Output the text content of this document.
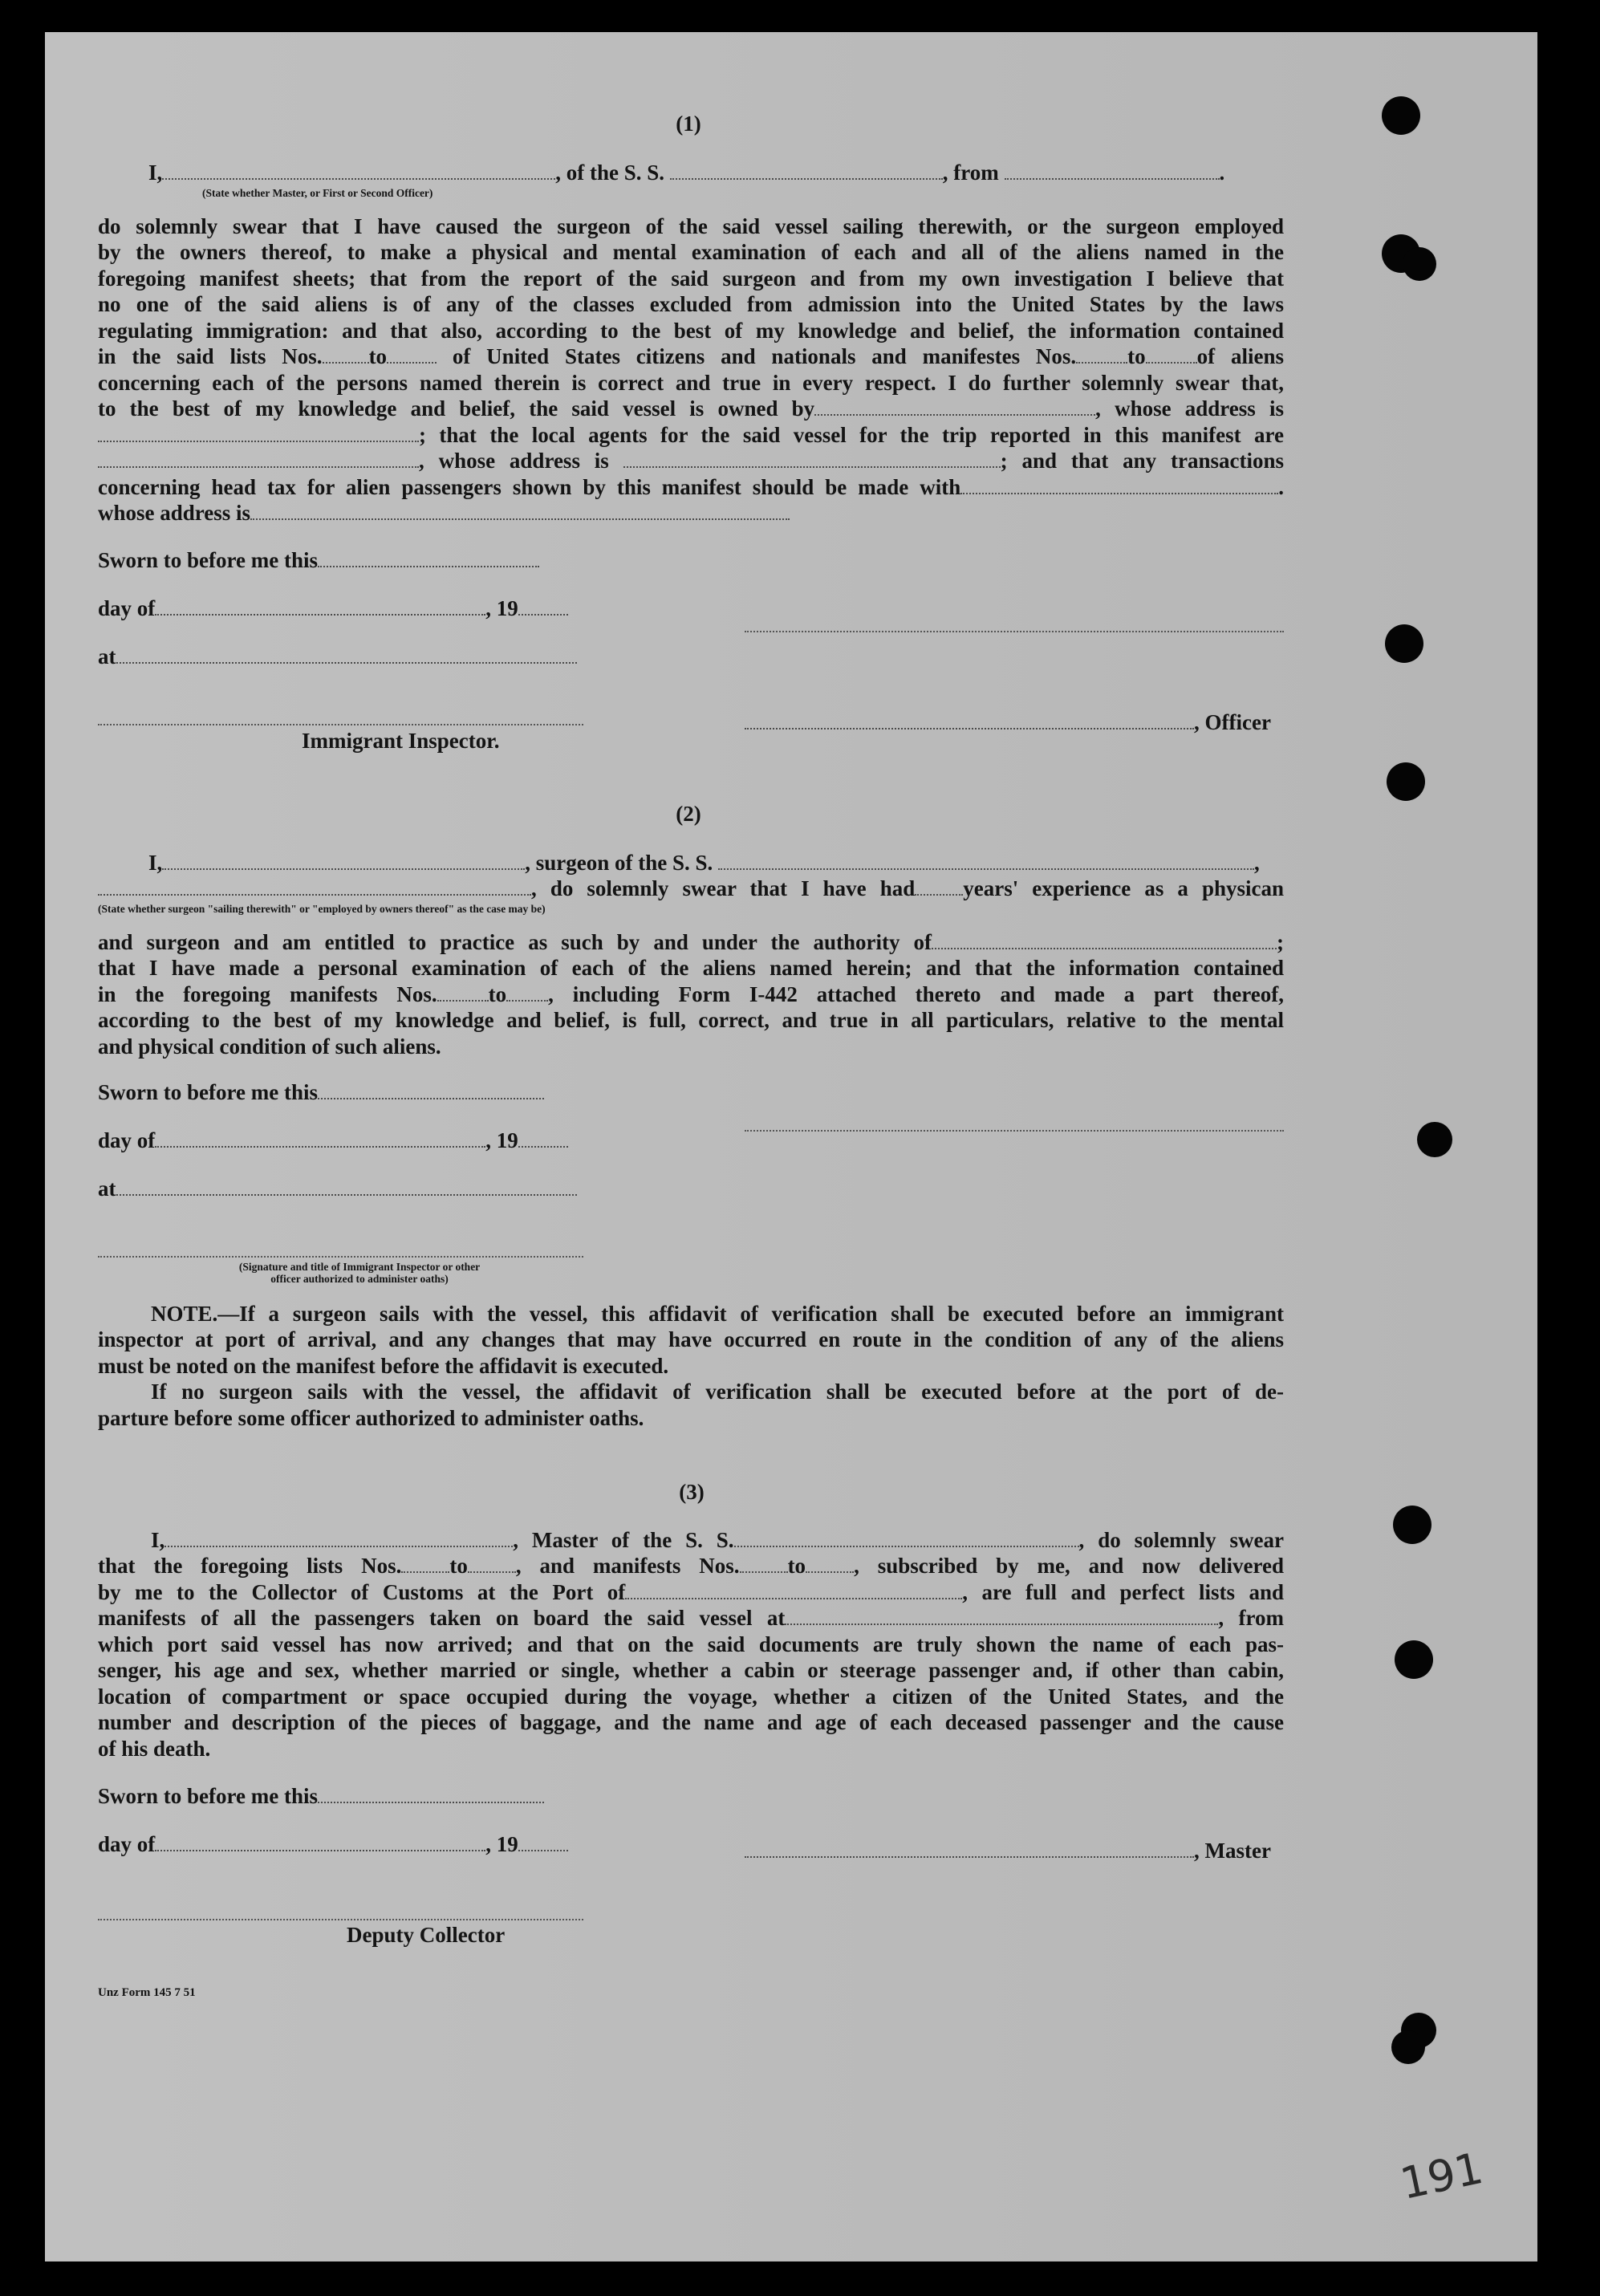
(1)
I,	, of the S. S.	, from	.
(State whether Master, or First or Second Officer)
do solemnly swear that I have caused the surgeon of the said vessel sailing therewith, or the surgeon employed
by the owners thereof, to make a physical and mental examination of each and all of the aliens named in the
foregoing manifest sheets; that from the report of the said surgeon and from my own investigation I believe that
no one of the said aliens is of any of the classes excluded from admission into the United States by the laws
regulating immigration: and that also, according to the best of my knowledge and belief, the information contained
in the said lists Nos. to	of United States citizens and nationals and manifestes Nos. to of aliens
concerning each of the persons named therein is correct and true in every respect. I do further solemnly swear that,
to the best of my knowledge and belief, the said vessel is owned by	, whose address is
; that the local agents for the said vessel for the trip reported in this manifest are
, whose address is	; and that any transactions
concerning head tax for alien passengers shown by this manifest should be made with	.
whose address is
Sworn to before me this
day of	, 19
at
, Officer
Immigrant Inspector.
(2)
I,	, surgeon of the S. S.	,
, do solemnly swear that I have had years' experience as a physican
(State whether surgeon "sailing therewith" or "employed by owners thereof" as the case may be)
and surgeon and am entitled to practice as such by and under the authority of	;
that I have made a personal examination of each of the aliens named herein; and that the information contained
in the foregoing manifests Nos. to , including Form I-442 attached thereto and made a part thereof,
according to the best of my knowledge and belief, is full, correct, and true in all particulars, relative to the mental
and physical condition of such aliens.
Sworn to before me this
day of	, 19
at
(Signature and title of Immigrant Inspector or other
officer authorized to administer oaths)
NOTE.—If a surgeon sails with the vessel, this affidavit of verification shall be executed before an immigrant
inspector at port of arrival, and any changes that may have occurred en route in the condition of any of the aliens
must be noted on the manifest before the affidavit is executed.
If no surgeon sails with the vessel, the affidavit of verification shall be executed before at the port of de-
parture before some officer authorized to administer oaths.
(3)
I,	, Master of the S. S.	, do solemnly swear
that the foregoing lists Nos. to , and manifests Nos. to , subscribed by me, and now delivered
by me to the Collector of Customs at the Port of	, are full and perfect lists and
manifests of all the passengers taken on board the said vessel at	, from
which port said vessel has now arrived; and that on the said documents are truly shown the name of each pas-
senger, his age and sex, whether married or single, whether a cabin or steerage passenger and, if other than cabin,
location of compartment or space occupied during the voyage, whether a citizen of the United States, and the
number and description of the pieces of baggage, and the name and age of each deceased passenger and the cause
of his death.
Sworn to before me this
day of	, 19	, Master
Deputy Collector
Unz Form 145 7 51
191
